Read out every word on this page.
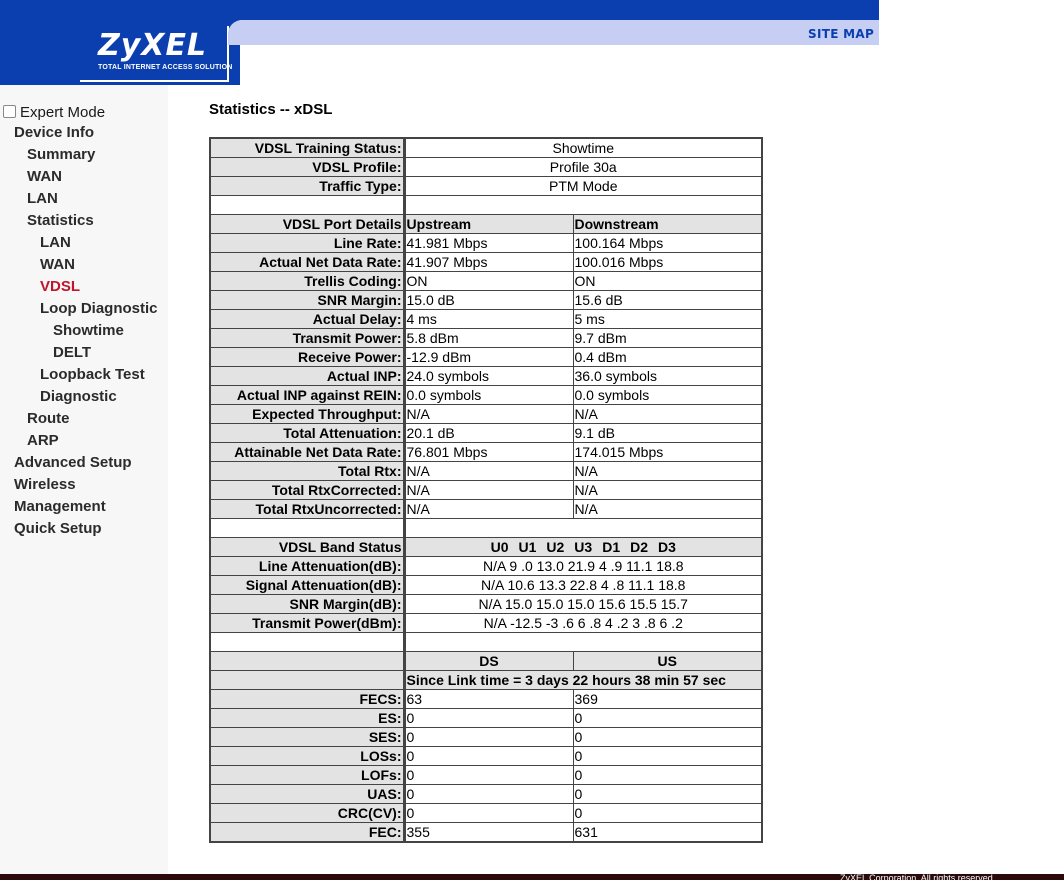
ZyXEL
TOTAL INTERNET ACCESS SOLUTION
SITE MAP
Expert Mode
Device Info
Summary
WAN
LAN
Statistics
LAN
WAN
VDSL
Loop Diagnostic
Showtime
DELT
Loopback Test
Diagnostic
Route
ARP
Advanced Setup
Wireless
Management
Quick Setup
Statistics -- xDSL
VDSL Training Status:	Showtime	
VDSL Profile:	Profile 30a	
Traffic Type:	PTM Mode	

VDSL Port Details	Upstream	Downstream
Line Rate:	41.981 Mbps	100.164 Mbps
Actual Net Data Rate:	41.907 Mbps	100.016 Mbps
Trellis Coding:	ON	ON
SNR Margin:	15.0 dB	15.6 dB
Actual Delay:	4 ms	5 ms
Transmit Power:	5.8 dBm	9.7 dBm
Receive Power:	-12.9 dBm	0.4 dBm
Actual INP:	24.0 symbols	36.0 symbols
Actual INP against REIN:	0.0 symbols	0.0 symbols
Expected Throughput:	N/A	N/A
Total Attenuation:	20.1 dB	9.1 dB
Attainable Net Data Rate:	76.801 Mbps	174.015 Mbps
Total Rtx:	N/A	N/A
Total RtxCorrected:	N/A	N/A
Total RtxUncorrected:	N/A	N/A

VDSL Band Status	U0 U1 U2 U3 D1 D2 D3	
Line Attenuation(dB):	N/A 9 .0 13.0 21.9 4 .9 11.1 18.8	
Signal Attenuation(dB):	N/A 10.6 13.3 22.8 4 .8 11.1 18.8	
SNR Margin(dB):	N/A 15.0 15.0 15.0 15.6 15.5 15.7	
Transmit Power(dBm):	N/A -12.5 -3 .6 6 .8 4 .2 3 .8 6 .2	

	DS	US
	Since Link time = 3 days 22 hours 38 min 57 sec	
FECS:	63	369
ES:	0	0
SES:	0	0
LOSs:	0	0
LOFs:	0	0
UAS:	0	0
CRC(CV):	0	0
FEC:	355	631
ZyXEL Corporation. All rights reserved.
